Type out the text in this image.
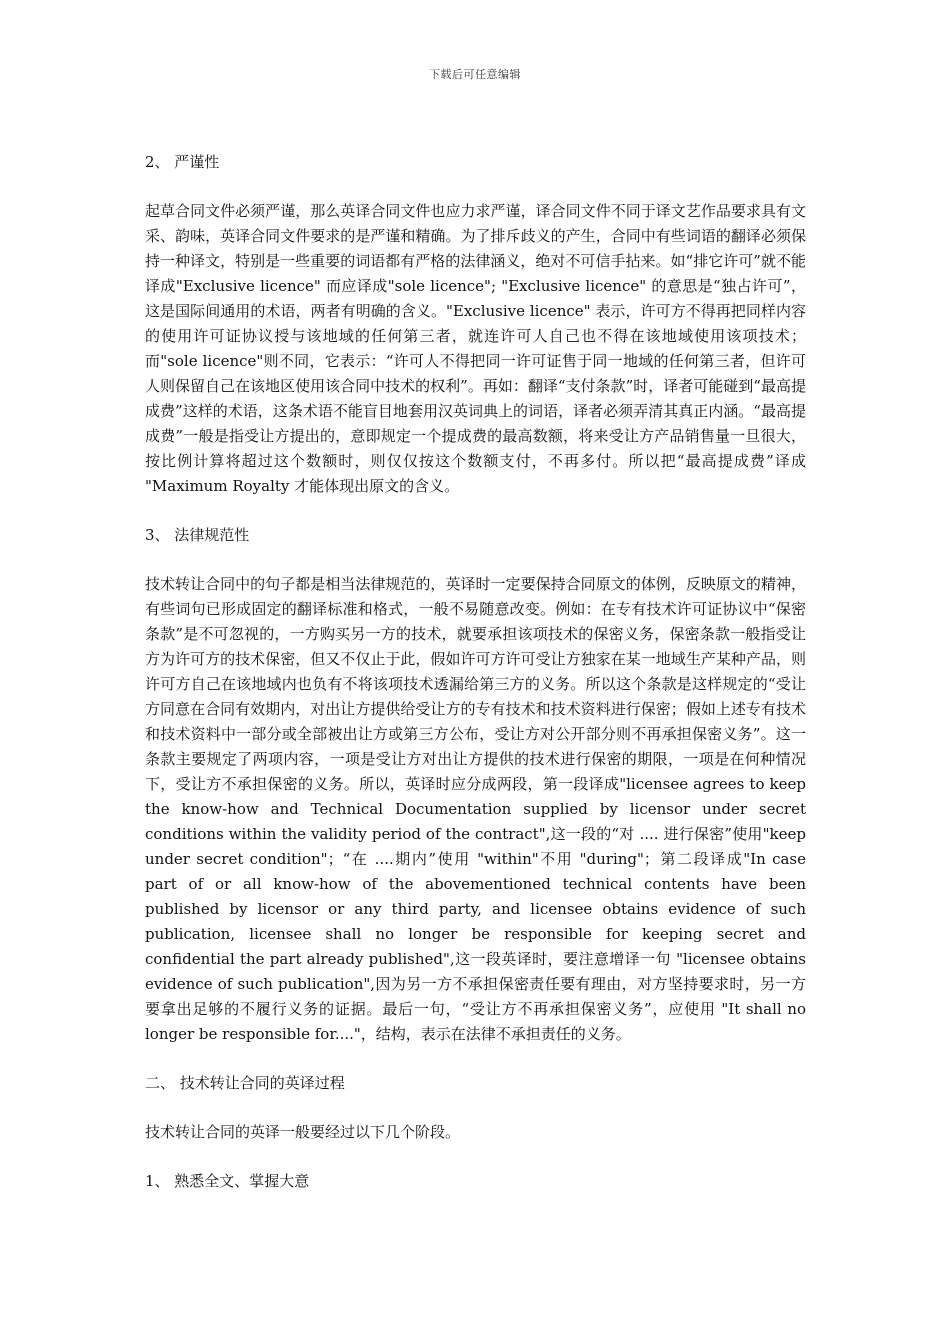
下载后可任意编辑

2、 严谨性

起草合同文件必须严谨，那么英译合同文件也应力求严谨，译合同文件不同于译文艺作品要求具有文采、韵味，英译合同文件要求的是严谨和精确。为了排斥歧义的产生，合同中有些词语的翻译必须保持一种译文，特别是一些重要的词语都有严格的法律涵义，绝对不可信手拈来。如“排它许可”就不能译成"Exclusive licence" 而应译成"sole licence"; "Exclusive licence" 的意思是“独占许可”，这是国际间通用的术语，两者有明确的含义。"Exclusive licence" 表示，许可方不得再把同样内容的使用许可证协议授与该地域的任何第三者，就连许可人自己也不得在该地域使用该项技术；而"sole licence"则不同，它表示：“许可人不得把同一许可证售于同一地域的任何第三者，但许可人则保留自己在该地区使用该合同中技术的权利”。再如：翻译“支付条款”时，译者可能碰到“最高提成费”这样的术语，这条术语不能盲目地套用汉英词典上的词语，译者必须弄清其真正内涵。“最高提成费”一般是指受让方提出的，意即规定一个提成费的最高数额，将来受让方产品销售量一旦很大，按比例计算将超过这个数额时，则仅仅按这个数额支付，不再多付。所以把“最高提成费”译成 "Maximum Royalty 才能体现出原文的含义。

3、 法律规范性

技术转让合同中的句子都是相当法律规范的，英译时一定要保持合同原文的体例，反映原文的精神，有些词句已形成固定的翻译标准和格式，一般不易随意改变。例如：在专有技术许可证协议中“保密条款”是不可忽视的，一方购买另一方的技术，就要承担该项技术的保密义务，保密条款一般指受让方为许可方的技术保密，但又不仅止于此，假如许可方许可受让方独家在某一地域生产某种产品，则许可方自己在该地域内也负有不将该项技术透漏给第三方的义务。所以这个条款是这样规定的“受让方同意在合同有效期内，对出让方提供给受让方的专有技术和技术资料进行保密；假如上述专有技术和技术资料中一部分或全部被出让方或第三方公布，受让方对公开部分则不再承担保密义务”。这一条款主要规定了两项内容，一项是受让方对出让方提供的技术进行保密的期限，一项是在何种情况下，受让方不承担保密的义务。所以，英译时应分成两段，第一段译成"licensee agrees to keep the know-how and Technical Documentation supplied by licensor under secret conditions within the validity period of the contract",这一段的“对 .... 进行保密”使用"keep under secret condition"；“在 ....期内”使用 "within"不用 "during"；第二段译成"In case part of or all know-how of the abovementioned technical contents have been published by licensor or any third party, and licensee obtains evidence of such publication, licensee shall no longer be responsible for keeping secret and confidential the part already published",这一段英译时，要注意增译一句 "licensee obtains evidence of such publication",因为另一方不承担保密责任要有理由，对方坚持要求时，另一方要拿出足够的不履行义务的证据。最后一句，“受让方不再承担保密义务”，应使用 "It shall no longer be responsible for...."，结构，表示在法律不承担责任的义务。

二、 技术转让合同的英译过程

技术转让合同的英译一般要经过以下几个阶段。

1、 熟悉全文、掌握大意
